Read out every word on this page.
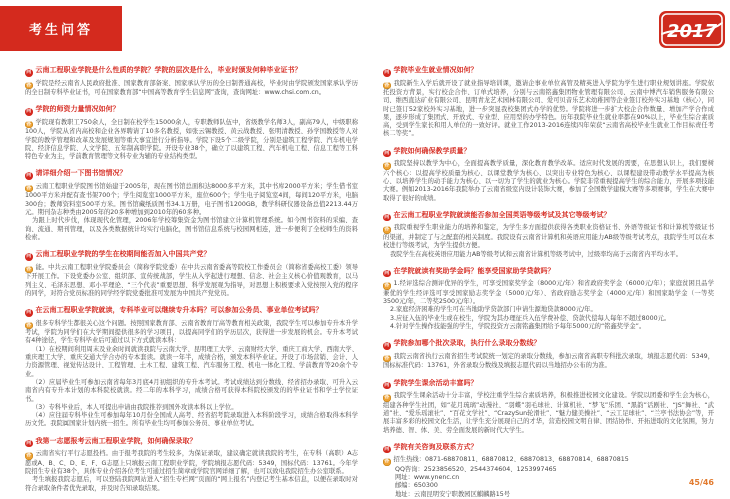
考生问答	2017
问 云南工程职业学院是什么性质的学院？学院的层次是什么，毕业时颁发何种毕业证书？

答 学院是经云南省人民政府批准、国家教育部备案、国家承认学历的全日制普通高校，毕业时由学院颁发国家承认学历的全日制专科毕业证书，可在国家教育部“中国高等教育学生信息网”查询，查询网址：www.chsi.com.cn。

问 学院的师资力量情况如何？

答 学院现有教职工750余人，全日制在校学生15000余人，专职教师队伍中，省级教学名师3人，副高79人，中级职称100人，学院从省内高校和企业各界聘请了10多名教授，如张云锡教授、黄云战教授、张明清教授、孙学国教授等人对学院的教学管理和改革及发展规划等重大事宜进行分析指导。学院下设5个二级学院，分别是建筑工程学院、汽车机电学院、经济信息学院、人文学院、五年制高职学院。开设专业38个，确立了以建筑工程、汽车机电工程、信息工程等工科特色专业为主，学前教育管理等文科专业为辅的专业结构类型。

问 请详细介绍一下图书馆情况？

答 云南工程职业学院图书馆始建于2005年，现在图书馆总面积达8000多平方米，其中书库2000平方米；学生借书室1000平方米并配有查书架700个；学生阅览室1000平方米，座位600个；学生电子阅览室4间，每间120平方米，电脑300台；教师资料室500平方米。图书馆藏纸质图书34.1万册，电子图书1200GB，教学科研仪器设备总值2213.44万元。期刊杂志种类由2005年的20多种增加到2010年的60多种。

为跟上时代步伐，体现现代化管理，2006年学校筹集资金为图书馆建立计算机管理系统。如今图书资料的采编、查询、流通、期刊管理，以及各类数据统计均实行电脑化，图书馆信息系统与校园网相连，进一步便利了全校师生的资料检索。

问 云南工程职业学院的学生在校期间能否加入中国共产党？

答 能。中共云南工程职业学院委员会（简称学院党委）在中共云南省委高等院校工作委员会（简称省委高校工委）领导下开展工作。下设党委办公室、组织部、宣传统战部，学生从入学起进行理想、信念、社会主义核心价值观教育，以马列主义、毛泽东思想、邓小平理论、“三个代表”重要思想、科学发展观为指导，对思想上积极要求入党按照入党的程序的同学，对符合党员标准的同学经学院党委批准可发展为中国共产党党员。

问 在云南工程职业学院就读，专科毕业可以继续专升本吗？可以参加公务员、事业单位考试吗？

答 很多专科学生都很关心这个问题。按照国家教育部、云南省教育厅高等教育相关政策，我院学生可以参加专升本升学考试，学院为同学们在大学期间提供很多的学习项目，以提高同学们的学历层次，获得进一步发展的机会。专升本考试有4种途径，学生专科毕业后可通过以下方式就读本科：

（1）在校期间利用周末及业余时间就读我院与云南大学、昆明理工大学、云南财经大学、重庆工商大学、西南大学、重庆理工大学、重庆交通大学合办的专本套读。就读一年半，成绩合格，颁发本科毕业证。开设了市场营销、会计、人力资源管理、视觉传达设计、工程管理、土木工程、建筑工程、汽车服务工程、机电一体化工程、学前教育等20余个专业。

（2）应届毕业生可参加云南省每年3月底4月初组织的专升本考试。考试成绩达到分数线、经省招办录取、可升入云南省内有专升本计划的本科院校就读。经二年的本科学习，成绩合格可获得本科院校颁发的的毕业证书和学士学位证书。

（3）专科毕业后，本人可提出申请由我院推荐到国外攻读本科以上学位。

（4）应往届专科毕业生可参加每年10月份全国成人高考、经省招考院录取进入本科阶段学习，成绩合格取得本科学历文凭。我院属国家计划内统一招生。所有毕业生均可参加公务员、事业单位考试。

问 我第一志愿报考云南工程职业学院，如何确保录取？

答 云南省实行平行志愿投档。由于报考我院的考生较多，为保证录取，建议确定就读我院的考生，在专科（高职）A志愿或A、B、C、D、E、F、G志愿上只填报云南工程职业学院，学院填报志愿代码：5349，国标代码：13761。今年学院招生专业有38个，具体专业介绍各位考生可通过招生简章或学院官网详细了解，也可以致电我院招生办公室联系。

考生填报我院志愿后，可以登陆我院网站进入“招生专栏网”页面的“网上报名”内登记考生基本信息，以便在录取时对符合录取条件者优先录取，并及时告知录取结果。

问 学院毕业生就业情况如何？

答 我院新生入学后就开设了就业指导培训课，邀请企事业单位高管及精英进入学院为学生进行职业规划讲座。学院依托投资方背景，实行校企合作、订单式培养，分别与云南铭鑫集团物业管理有限公司、云南中博汽车销售服务有限公司、维西直达矿业有限公司、昆明青龙艺术园林有限公司、爱可贝音乐艺术幼稚园等企业签订校外实习基地（核心），同时已签订52家校外实习基地，进一步突显我校集团式办学的优势。学院将进一步扩大校企合作数量、增加产学合作成果，逐步形成了集团式、开放式、专业型、应用型的办学特色。历年我院毕业生就业率都在90%以上，毕业生综合素质高，受到学生家长和用人单位的一致好评。就业工作2013-2016连续四年荣获“云南省高校毕业生就业工作目标责任考核二等奖”。

问 学院如何确保教学质量？

答 我院坚持以教学为中心，全面提高教学质量，深化教育教学改革。适应时代发展的需要，在思想认识上，我们要树六个核心：以提高学校质量为核心、以课堂教学为核心、以突出专业特色为核心、以课程建设带动教学水平提高为核心、以培养学生的动手能力为核心、以一切为了学生的就业为核心。学院非常重视提高学生的综合能力，开展多项技能大赛。例如2013-2016年我院举办了云南省级室内设计装饰大赛，参加了全国数学建模大赛等多项赛事，学生在大赛中取得了很好的成绩。

问 在云南工程职业学院就读能否参加全国英语等级考试及其它等级考试？

答 我院重视学生职业能力的培养和鉴定，为学生多方面提供获得各类职业资格证书、外语等级证书和计算机等级证书的渠道，并制定了与之配套的相关制度。我院设有云南省计算机和英语应用能力AB级等级考试考点，我院学生可以在本校进行等级考试，为学生提供方便。

我院学生在高校英语应用能力AB等级考试和云南省计算机等级考试中，过级率均高于云南省内平均水平。

问 在学院就读有奖助学金吗？能享受国家助学贷款吗？

答 1.经评选综合测评优异的学生，可享受国家奖学金（8000元/年）和省政府奖学金（6000元/年）；家庭贫困且品学兼优的学生经评选可享受国家励志奖学金（5000元/年）、省政府励志奖学金（4000元/年）和国家助学金（一等奖3500元/年，二等奖2500元/年）。

2.家庭经济困难的学生可在当地助学贷款部门申请生源地贷款8000元/年。

3.应征入伍的毕业生或在校生，学院为其办理征兵入伍学费补偿、贷款代偿每人每年不超过8000元。

4.针对学生操作技能强的学生，学院投资方云南铭鑫集团给予每年5000元的“铭鑫奖学金”。

问 学院参加哪个批次录取，执行什么录取分数线？

答 我院云南省执行云南省招生考试院统一划定的录取分数线，参加云南省高职专科批次录取，填报志愿代码：5349，国标标准代码：13761，外省录取分数线及填报志愿代码以当地招办公布的为准。

问 学院学生课余活动丰富吗？

答 我院学生课余活动十分丰富，学校注重学生综合素质培养，积极推进校园文化建设。学院以团委和学生会为核心，组建各种学生社团，如“花月琉璃”动漫社、“羽蝶”羽毛球社、计算机社、“梦飞”乐团、“黑韵”话剧社、“JS”舞社、“武道”社、“爱乐瑶滚社”、“百花文学社”、“CrazySun轮滑社”、“魅力健美操社”、“云工足球社”、“兰亭书法协会”等，开展丰富多彩的校园文化生活，让学生充分展现自己的才华，营造校园文明自律、团结协作、开拓进取的文化氛围，努力培养德、智、体、美、劳全面发展的新时代大学生。

问 学院有关咨询及联系方式？

答 招生热线：0871-68870811、68870812、68870813、68870814、68870815

QQ咨询：2523856520、2544374604、1253997465

网址：www.ynenc.cn

邮编：650300

地址：云南昆明安宁职教园区麒麟路15号

45/46
